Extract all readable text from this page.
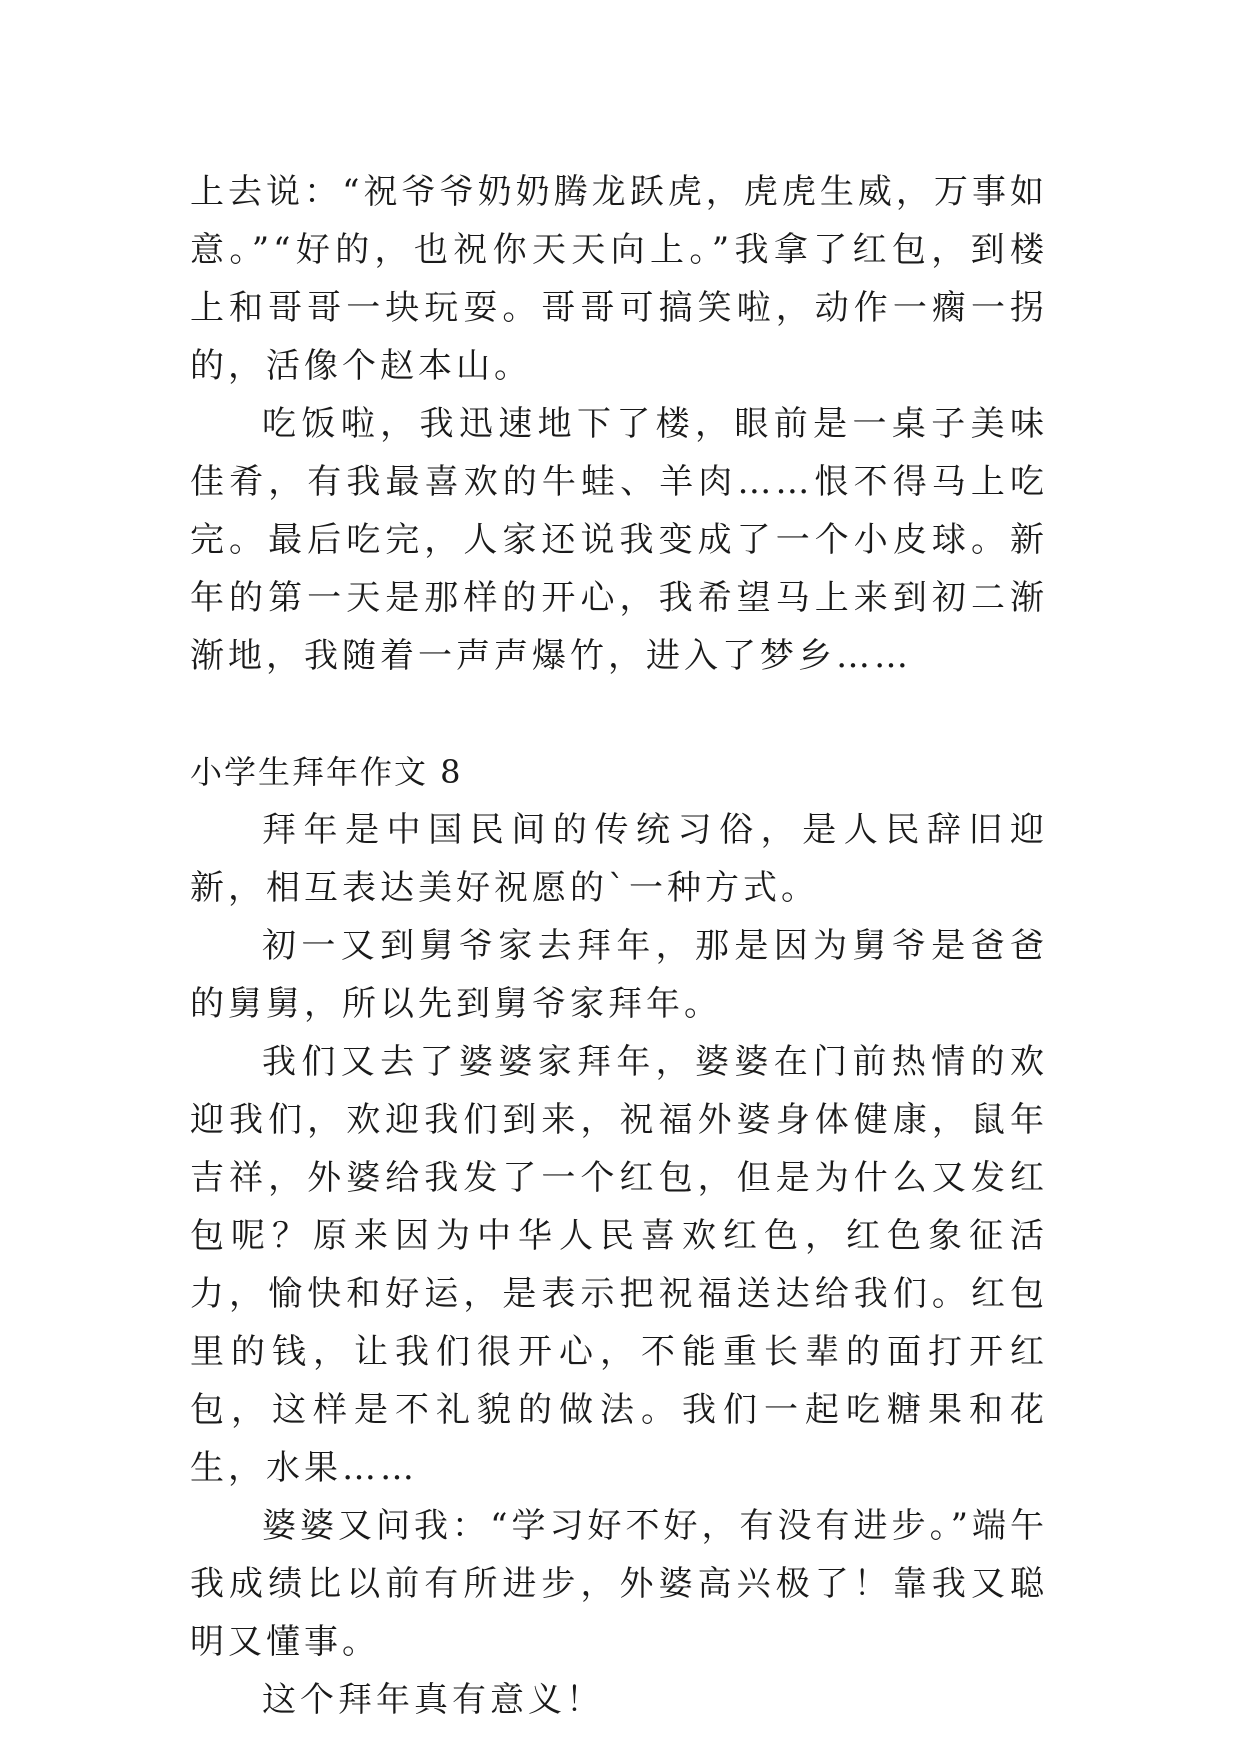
上去说：“祝爷爷奶奶腾龙跃虎，虎虎生威，万事如意。”“好的，也祝你天天向上。”我拿了红包，到楼上和哥哥一块玩耍。哥哥可搞笑啦，动作一瘸一拐的，活像个赵本山。

吃饭啦，我迅速地下了楼，眼前是一桌子美味佳肴，有我最喜欢的牛蛙、羊肉……恨不得马上吃完。最后吃完，人家还说我变成了一个小皮球。新年的第一天是那样的开心，我希望马上来到初二渐渐地，我随着一声声爆竹，进入了梦乡……

小学生拜年作文 8

拜年是中国民间的传统习俗，是人民辞旧迎新，相互表达美好祝愿的`一种方式。

初一又到舅爷家去拜年，那是因为舅爷是爸爸的舅舅，所以先到舅爷家拜年。

我们又去了婆婆家拜年，婆婆在门前热情的欢迎我们，欢迎我们到来，祝福外婆身体健康，鼠年吉祥，外婆给我发了一个红包，但是为什么又发红包呢？原来因为中华人民喜欢红色，红色象征活力，愉快和好运，是表示把祝福送达给我们。红包里的钱，让我们很开心，不能重长辈的面打开红包，这样是不礼貌的做法。我们一起吃糖果和花生，水果……

婆婆又问我：“学习好不好，有没有进步。”端午我成绩比以前有所进步，外婆高兴极了！靠我又聪明又懂事。

这个拜年真有意义！
